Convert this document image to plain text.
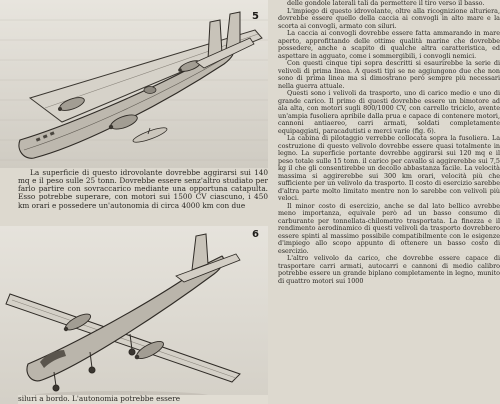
5

La superficie di questo idrovolante dovrebbe aggirarsi sui 140 mq e il peso sulle 25 tonn. Dovrebbe essere senz'altro studiato per farlo partire con sovraccarico mediante una opportuna catapulta. Esso potrebbe superare, con motori sui 1500 CV ciascuno, i 450 km orari e possedere un'autonomia di circa 4000 km con due

6

siluri a bordo. L'autonomia potrebbe essere

delle gondole laterali tali da permettere il tiro verso il basso.

L'impiego di questo idrovolante, oltre alla ricognizione alturiera, dovrebbe essere quello della caccia ai convogli in alto mare e la scorta ai convogli, armato con siluri.

La caccia ai convogli dovrebbe essere fatta ammarando in mare aperto, approfittando delle ottime qualità marine che dovrebbe possedere, anche a scapito di qualche altra caratteristica, ed aspettare in agguato, come i sommergibili, i convogli nemici.

Con questi cinque tipi sopra descritti si esaurirebbe la serie di velivoli di prima linea. A questi tipi se ne aggiungono due che non sono di prima linea ma si dimostrano però sempre più necessari nella guerra attuale.

Questi sono i velivoli da trasporto, uno di carico medio e uno di grande carico. Il primo di questi dovrebbe essere un bimotore ad ala alta, con motori sugli 800/1000 CV, con carrello triciclo, avente un'ampia fusoliera apribile dalla prua e capace di contenere motori, cannoni antiaereo, carri armati, soldati completamente equipaggiati, paracadutisti e merci varie (fig. 6).

La cabina di pilotaggio verrebbe collocata sopra la fusoliera. La costruzione di questo velivolo dovrebbe essere quasi totalmente in legno. La superficie portante dovrebbe aggirarsi sui 120 mq e il peso totale sulle 15 tonn. il carico per cavallo si aggirerebbe sui 7,5 kg il che gli consentirebbe un decollo abbastanza facile. La velocità massima si aggirerebbe sui 300 km orari, velocità più che sufficiente per un velivolo da trasporto. Il costo di esercizio sarebbe d'altra parte molto limitato mentre non lo sarebbe con velivoli più veloci.

Il minor costo di esercizio, anche se dal lato bellico avrebbe meno importanza, equivale però ad un basso consumo di carburante per tonnellata-chilometro trasportata. La finezza e il rendimento aerodinamico di questi velivoli da trasporto dovrebbero essere spinti al massimo possibile compatibilmente con le esigenze d'impiego allo scopo appunto di ottenere un basso costo di esercizio.

L'altro velivolo da carico, che dovrebbe essere capace di trasportare carri armati, autocarri e cannoni di medio calibro potrebbe essere un grande biplano completamente in legno, munito di quattro motori sui 1000
